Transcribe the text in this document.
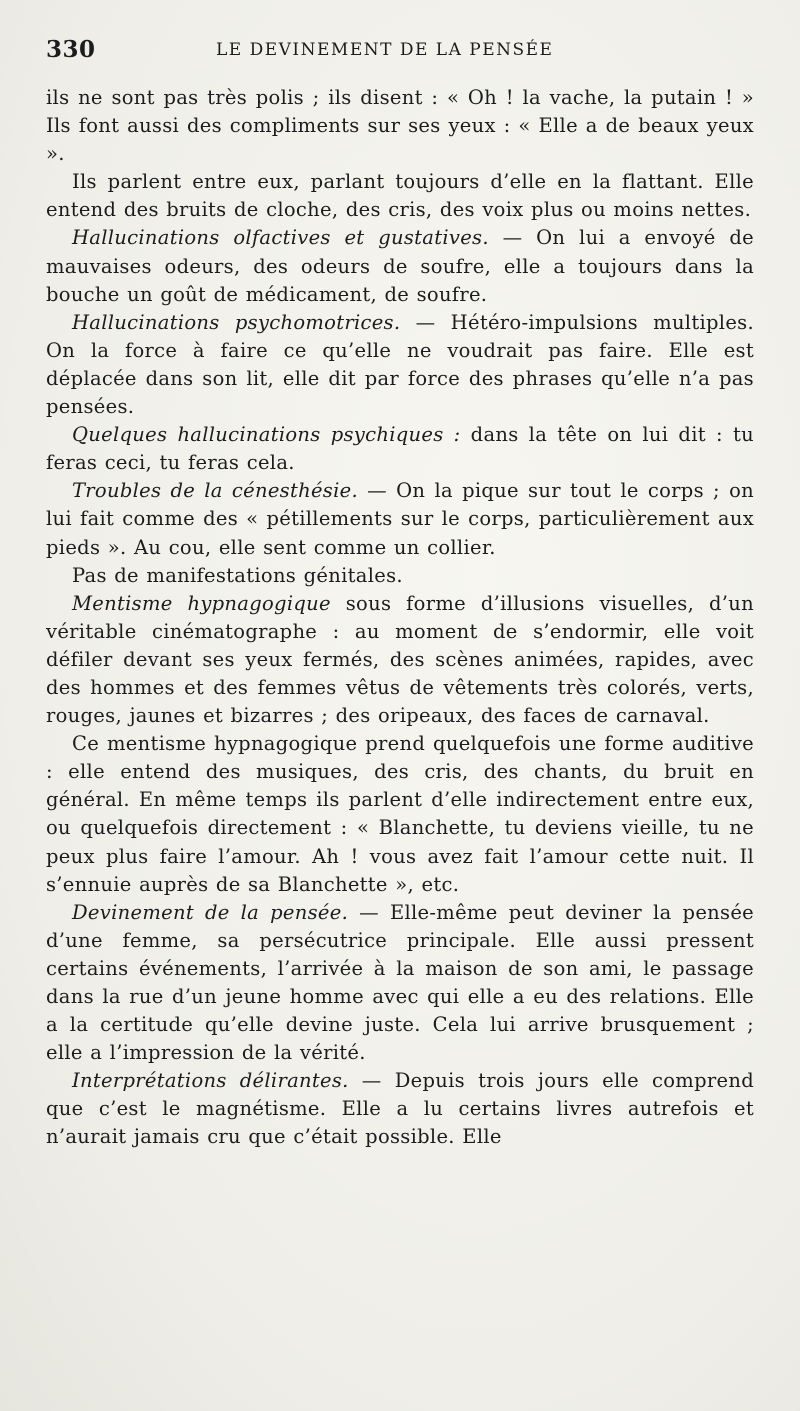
330	LE DEVINEMENT DE LA PENSÉE

ils ne sont pas très polis ; ils disent : « Oh ! la vache, la putain ! » Ils font aussi des compliments sur ses yeux : « Elle a de beaux yeux ».

Ils parlent entre eux, parlant toujours d’elle en la flattant. Elle entend des bruits de cloche, des cris, des voix plus ou moins nettes.

Hallucinations olfactives et gustatives. — On lui a envoyé de mauvaises odeurs, des odeurs de soufre, elle a toujours dans la bouche un goût de médicament, de soufre.

Hallucinations psychomotrices. — Hétéro-impulsions multiples. On la force à faire ce qu’elle ne voudrait pas faire. Elle est déplacée dans son lit, elle dit par force des phrases qu’elle n’a pas pensées.

Quelques hallucinations psychiques : dans la tête on lui dit : tu feras ceci, tu feras cela.

Troubles de la cénesthésie. — On la pique sur tout le corps ; on lui fait comme des « pétillements sur le corps, particulièrement aux pieds ». Au cou, elle sent comme un collier.

Pas de manifestations génitales.

Mentisme hypnagogique sous forme d’illusions visuelles, d’un véritable cinématographe : au moment de s’endormir, elle voit défiler devant ses yeux fermés, des scènes animées, rapides, avec des hommes et des femmes vêtus de vêtements très colorés, verts, rouges, jaunes et bizarres ; des oripeaux, des faces de carnaval.

Ce mentisme hypnagogique prend quelquefois une forme auditive : elle entend des musiques, des cris, des chants, du bruit en général. En même temps ils parlent d’elle indirectement entre eux, ou quelquefois directement : « Blanchette, tu deviens vieille, tu ne peux plus faire l’amour. Ah ! vous avez fait l’amour cette nuit. Il s’ennuie auprès de sa Blanchette », etc.

Devinement de la pensée. — Elle-même peut deviner la pensée d’une femme, sa persécutrice principale. Elle aussi pressent certains événements, l’arrivée à la maison de son ami, le passage dans la rue d’un jeune homme avec qui elle a eu des relations. Elle a la certitude qu’elle devine juste. Cela lui arrive brusquement ; elle a l’impression de la vérité.

Interprétations délirantes. — Depuis trois jours elle comprend que c’est le magnétisme. Elle a lu certains livres autrefois et n’aurait jamais cru que c’était possible. Elle
